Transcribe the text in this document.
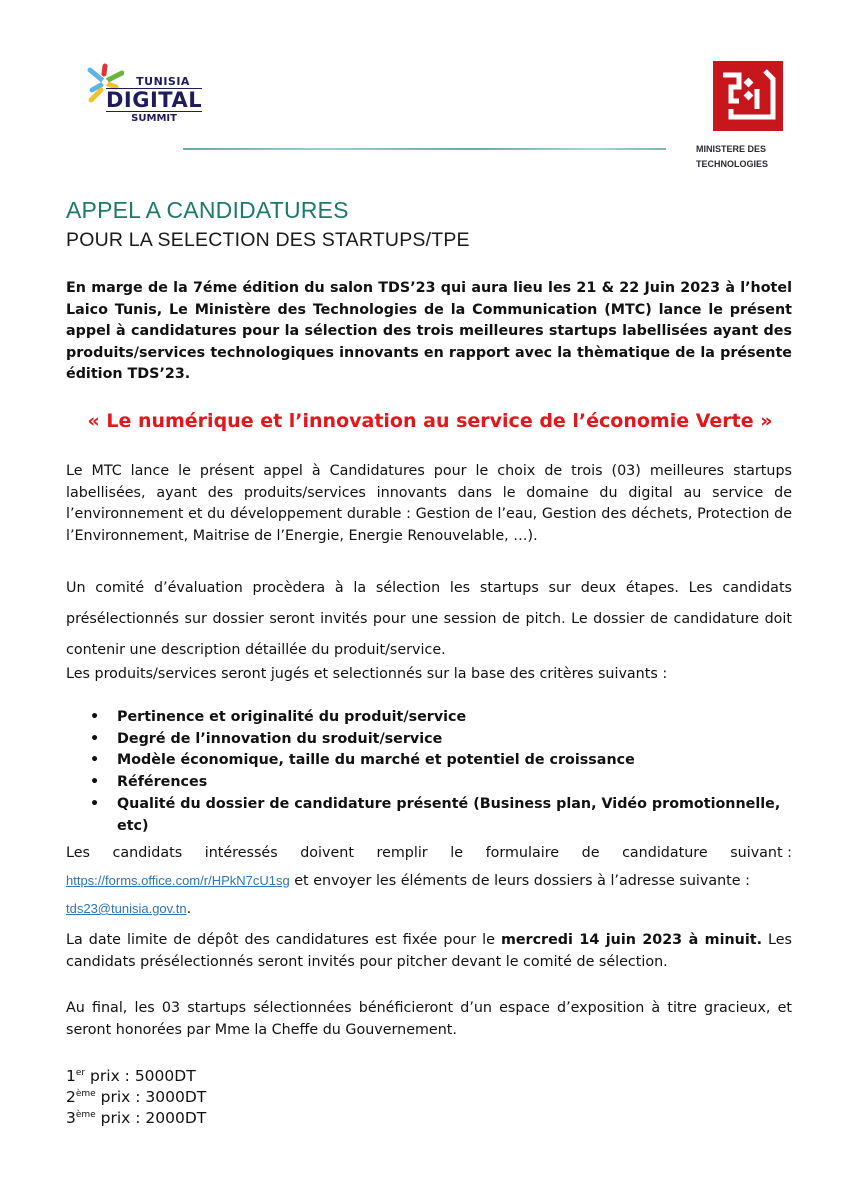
TUNISIA
DIGITAL
SUMMIT
MINISTERE DES
TECHNOLOGIES
APPEL A CANDIDATURES
POUR LA SELECTION DES STARTUPS/TPE
En marge de la 7éme édition du salon TDS’23 qui aura lieu les 21 & 22 Juin 2023 à l’hotel Laico Tunis, Le Ministère des Technologies de la Communication (MTC) lance le présent appel à candidatures pour la sélection des trois meilleures startups labellisées ayant des produits/services technologiques innovants en rapport avec la thèmatique de la présente édition TDS’23.
« Le numérique et l’innovation au service de l’économie Verte »
Le MTC lance le présent appel à Candidatures pour le choix de trois (03) meilleures startups labellisées, ayant des produits/services innovants dans le domaine du digital au service de l’environnement et du développement durable : Gestion de l’eau, Gestion des déchets, Protection de l’Environnement, Maitrise de l’Energie, Energie Renouvelable, …).
Un comité d’évaluation procèdera à la sélection les startups sur deux étapes. Les candidats présélectionnés sur dossier seront invités pour une session de pitch. Le dossier de candidature doit contenir une description détaillée du produit/service.
Les produits/services seront jugés et selectionnés sur la base des critères suivants :
• Pertinence et originalité du produit/service
• Degré de l’innovation du sroduit/service
• Modèle économique, taille du marché et potentiel de croissance
• Références
• Qualité du dossier de candidature présenté (Business plan, Vidéo promotionnelle, etc)
Les candidats intéressés doivent remplir le formulaire de candidature suivant :
https://forms.office.com/r/HPkN7cU1sg et envoyer les éléments de leurs dossiers à l’adresse suivante :
tds23@tunisia.gov.tn.
La date limite de dépôt des candidatures est fixée pour le mercredi 14 juin 2023 à minuit. Les candidats présélectionnés seront invités pour pitcher devant le comité de sélection.
Au final, les 03 startups sélectionnées bénéficieront d’un espace d’exposition à titre gracieux, et seront honorées par Mme la Cheffe du Gouvernement.
1er prix : 5000DT
2ème prix : 3000DT
3ème prix : 2000DT
